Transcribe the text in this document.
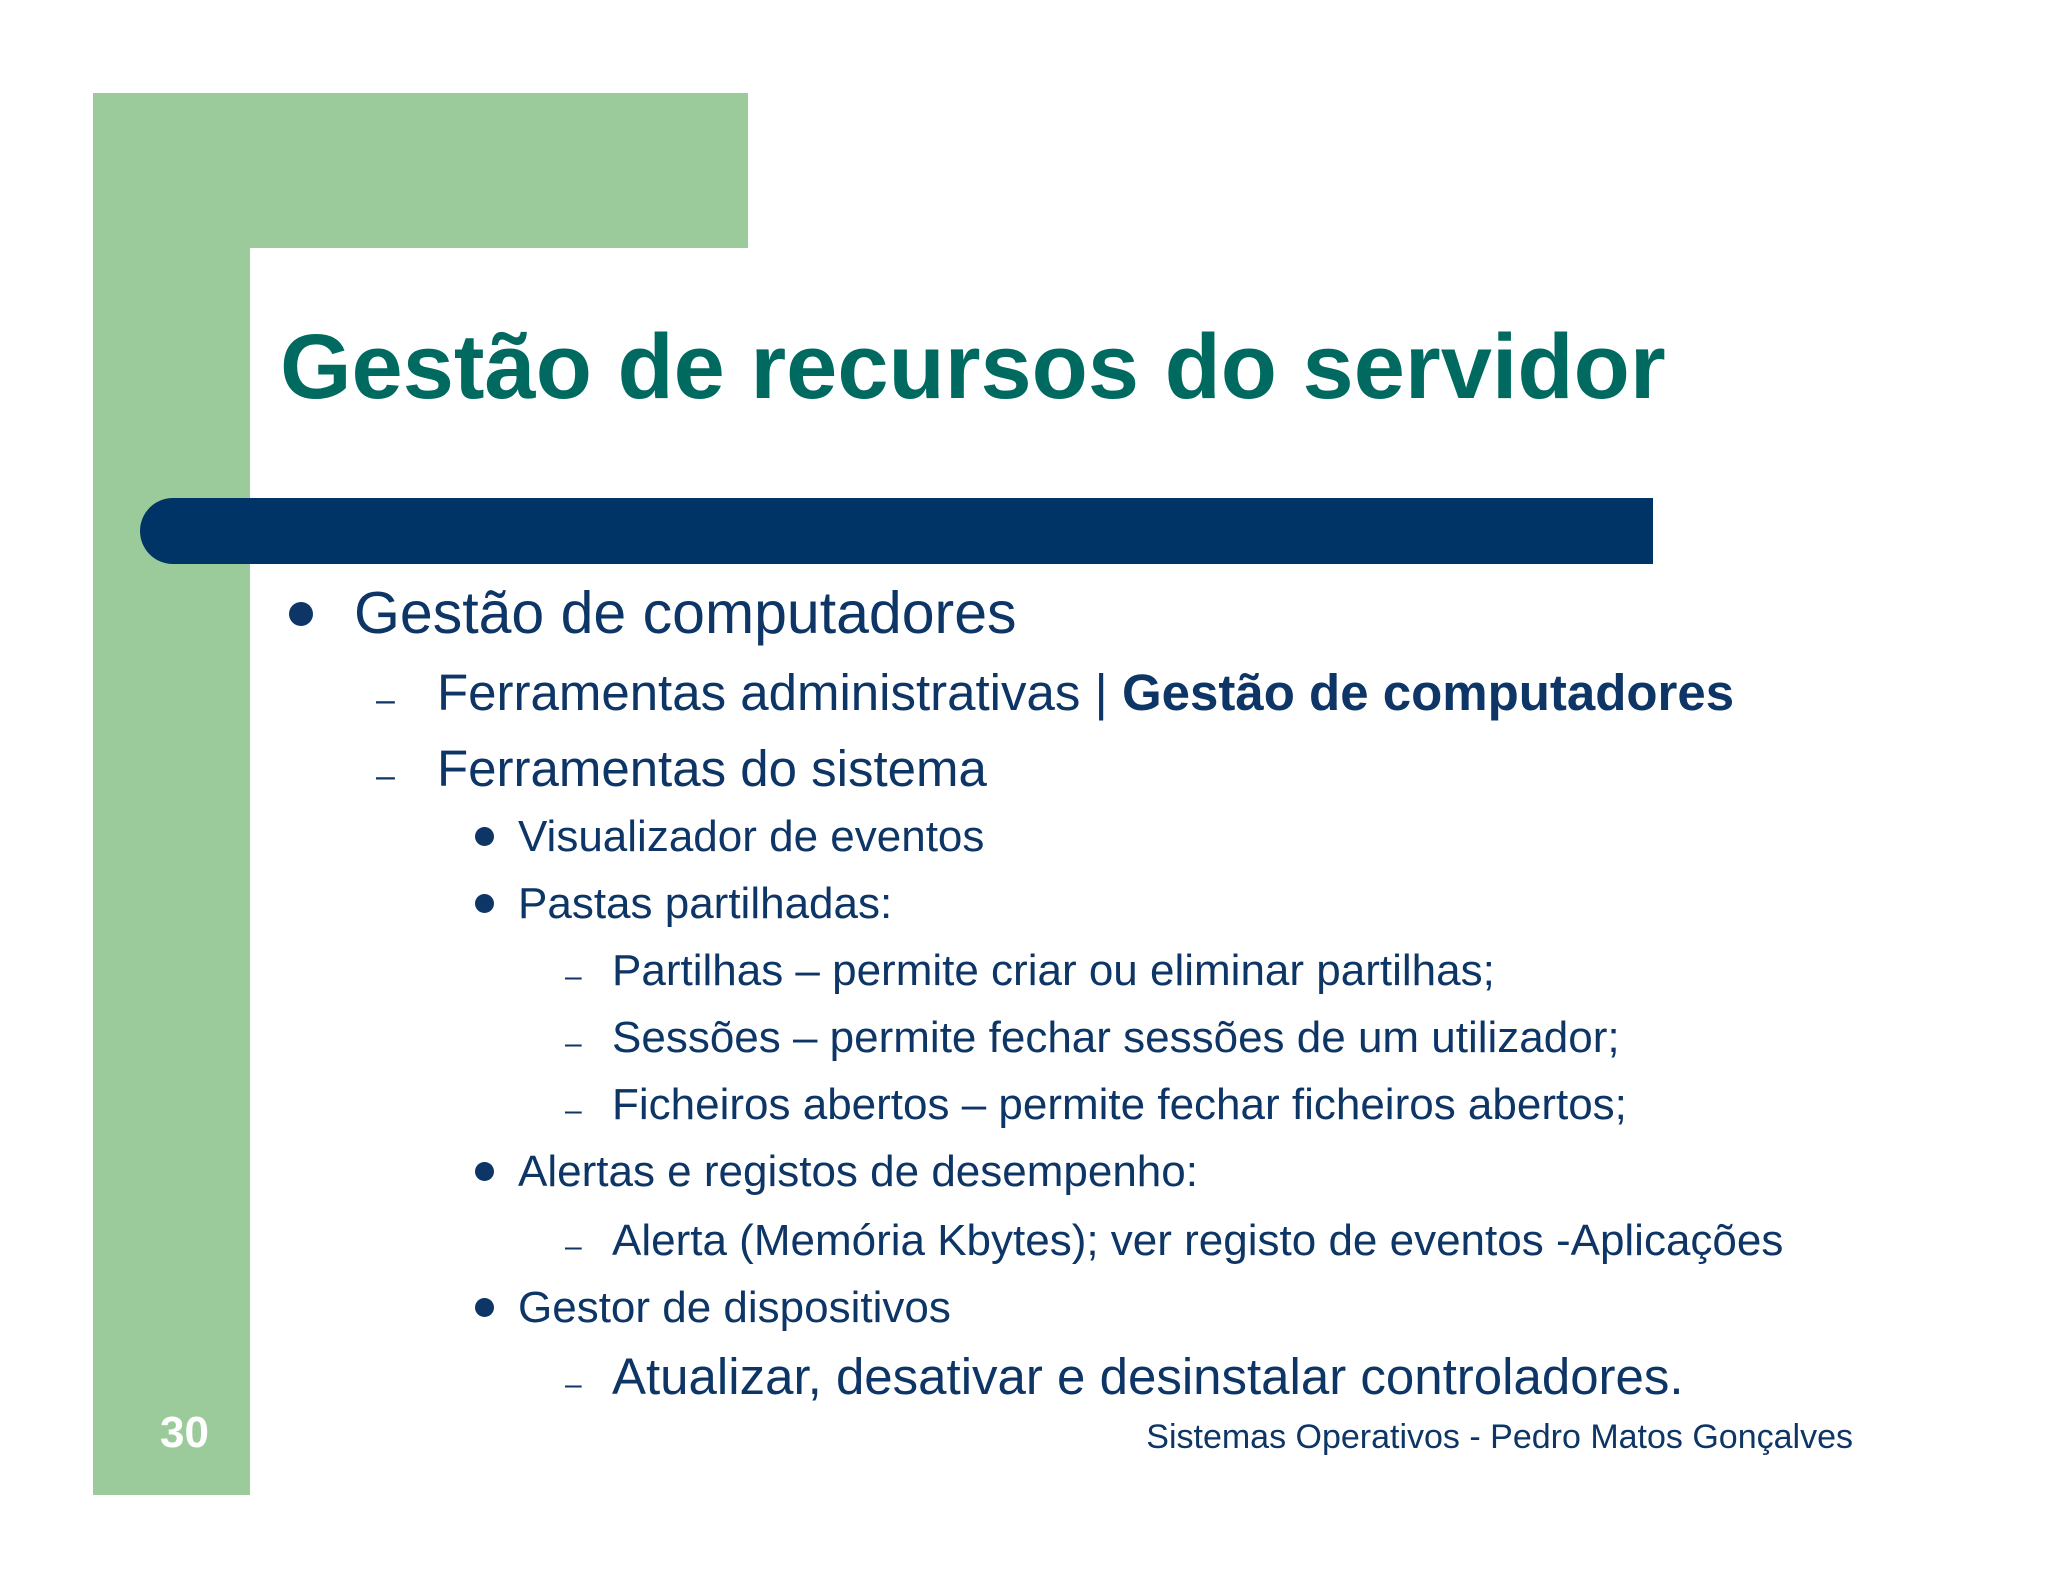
Gestão de recursos do servidor
Gestão de computadores
– Ferramentas administrativas | Gestão de computadores
– Ferramentas do sistema
Visualizador de eventos
Pastas partilhadas:
– Partilhas – permite criar ou eliminar partilhas;
– Sessões – permite fechar sessões de um utilizador;
– Ficheiros abertos – permite fechar ficheiros abertos;
Alertas e registos de desempenho:
– Alerta (Memória Kbytes); ver registo de eventos -Aplicações
Gestor de dispositivos
– Atualizar, desativar e desinstalar controladores.
30	Sistemas Operativos - Pedro Matos Gonçalves
